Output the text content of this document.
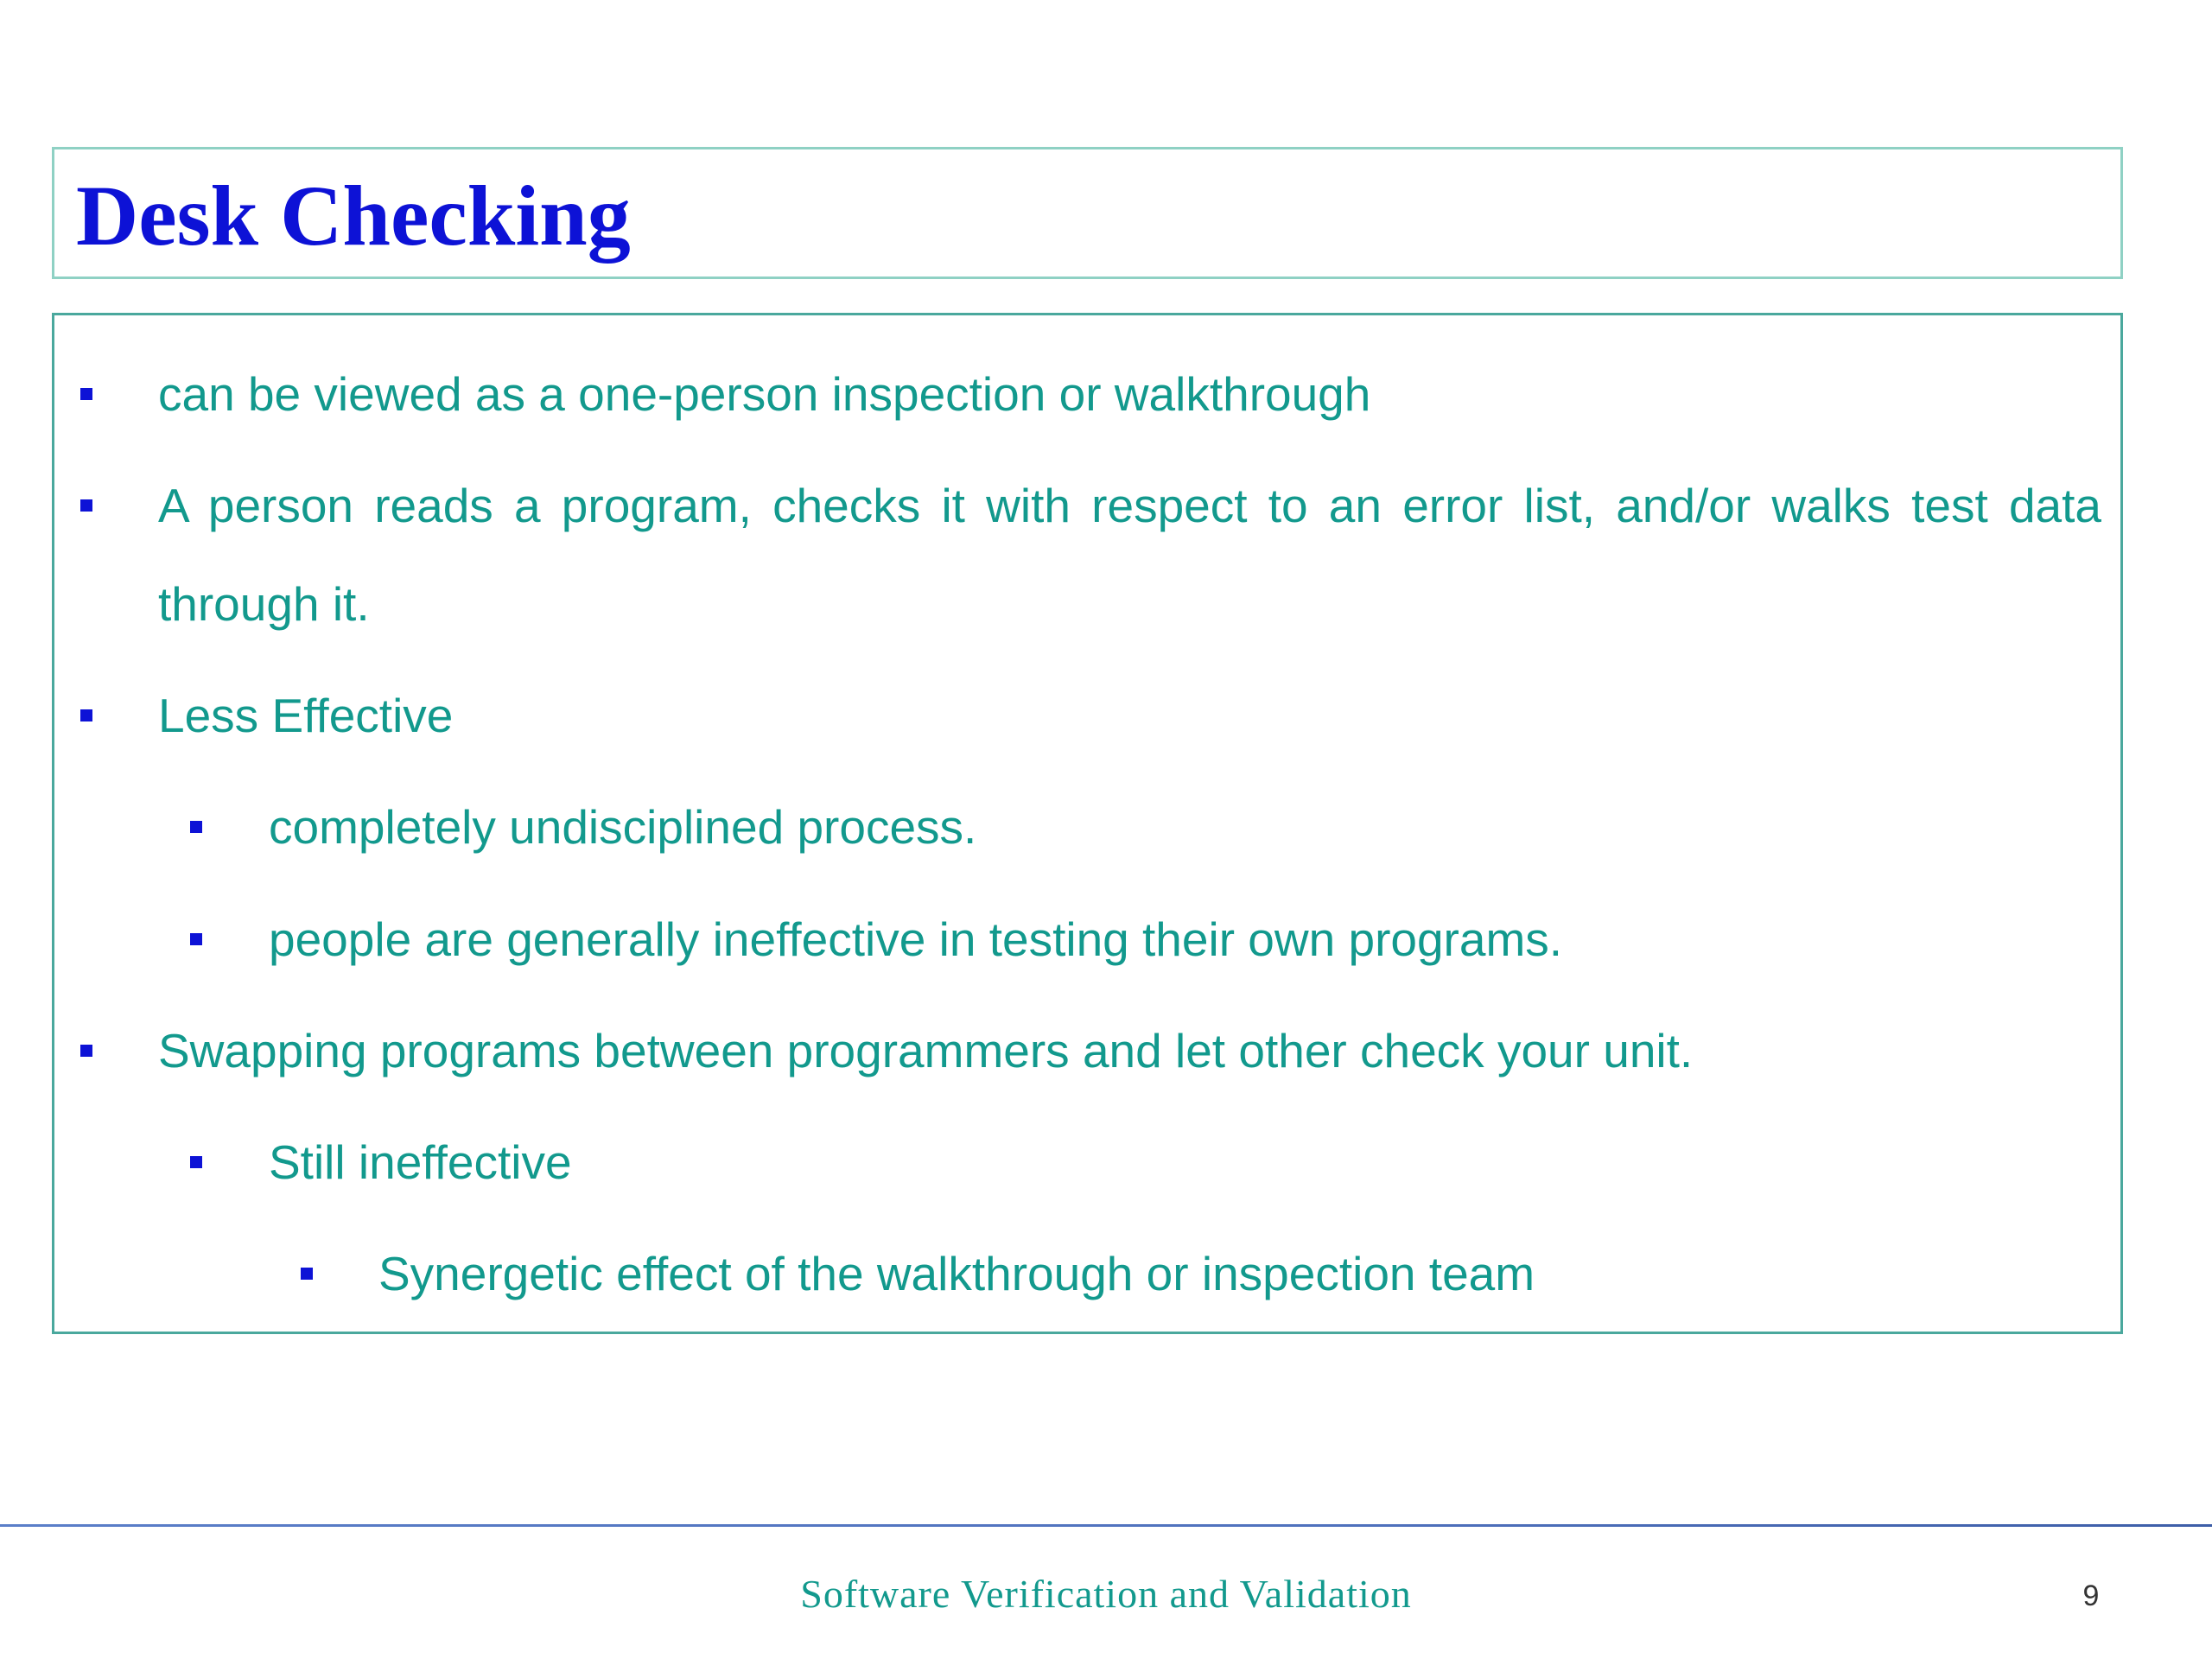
Desk Checking
can be viewed as a one-person inspection or walkthrough
A person reads a program, checks it with respect to an error list, and/or walks test data through it.
Less Effective
completely undisciplined process.
people are generally ineffective in testing their own programs.
Swapping programs between programmers and let other check your unit.
Still ineffective
Synergetic effect of the walkthrough or inspection team
Software Verification and Validation	9
